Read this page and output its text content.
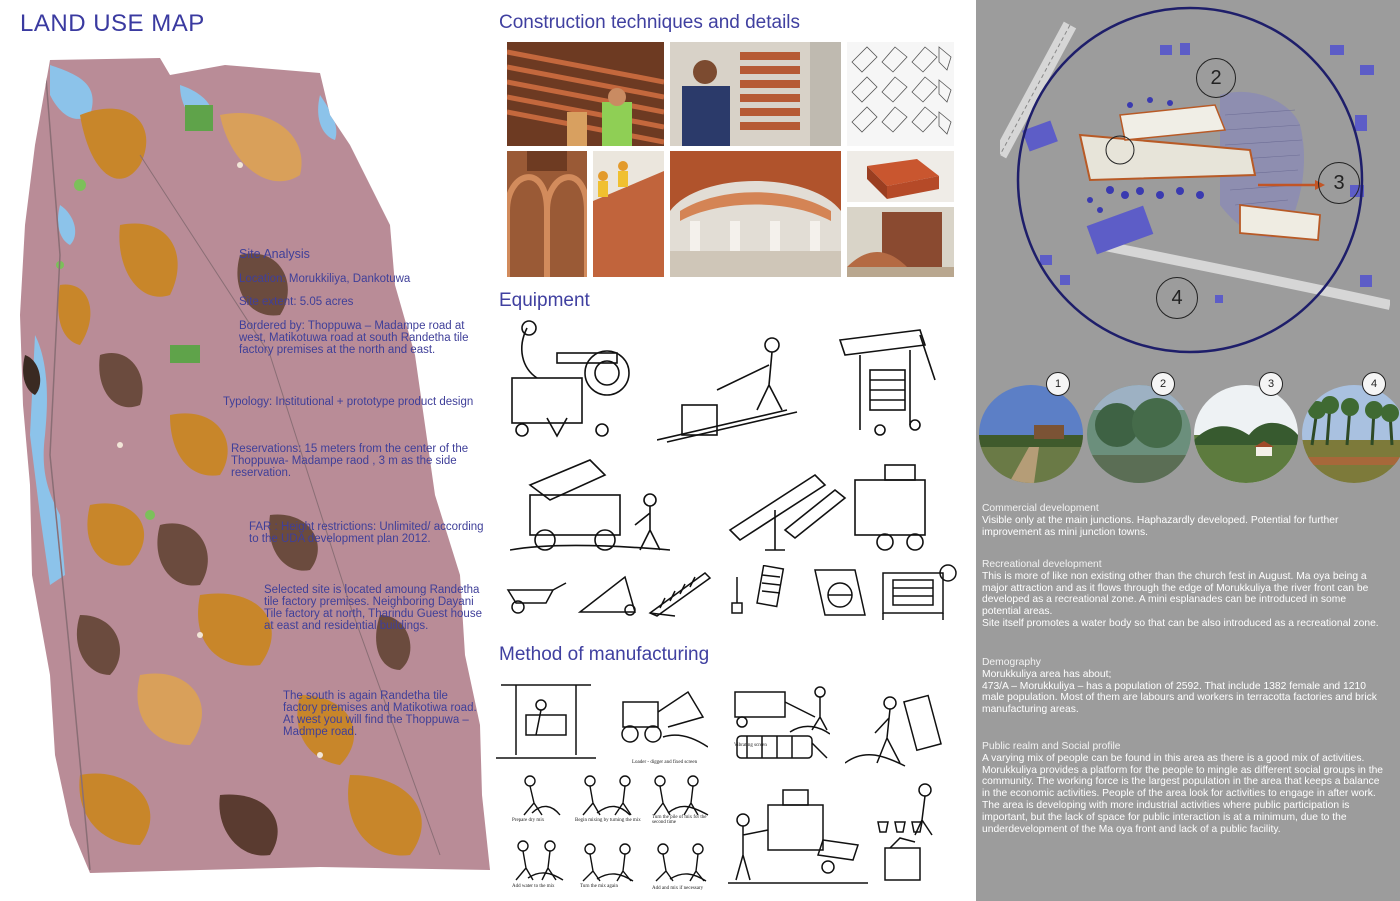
LAND USE MAP
Site Analysis
Location: Morukkiliya, Dankotuwa
Site extent: 5.05 acres
Bordered by: Thoppuwa – Madampe road at west, Matikotuwa road at south Randetha tile factory premises at the north and east.
Typology: Institutional + prototype product design
Reservations: 15 meters from the center of the Thoppuwa- Madampe raod , 3 m as the side reservation.
FAR : Height restrictions: Unlimited/ according to the UDA development plan 2012.
Selected site is located amoung Randetha tile factory premises. Neighboring Dayani Tile factory at north, Tharindu Guest house at east and residential buildings.
The south is again Randetha tile factory premises and Matikotiwa road. At west you will find the Thoppuwa – Madmpe road.
Construction techniques and details
Equipment
Method of manufacturing
Loader - digger and fixed screen
Vibrating screen
Prepare dry mix	Begin mixing by turning the mix
Turn the pile of mix for the second time
Add water to the mix	Turn the mix again	Add and mix if necessary
2
3
4
1	2	3	4

Commercial development

Visible only at the main junctions. Haphazardly developed. Potential for further improvement as mini junction towns.

Recreational development

This is more of like non existing other than the church fest in August. Ma oya being a major attraction and as it flows through the edge of Morukkuliya the river front can be developed as a recreational zone. A mini esplanades can be introduced in some potential areas.

Site itself promotes a water body so that can be also introduced as a recreational zone.

Demography

Morukkuliya area has about;

473/A – Morukkuliya – has a population of 2592. That include 1382 female and 1210 male population. Most of them are labours and workers in terracotta factories and brick manufacturing areas.

Public realm and Social profile

A varying mix of people can be found in this area as there is a good mix of activities. Morukkuliya provides a platform for the people to mingle as different social groups in the community. The working force is the largest population in the area that keeps a balance in the economic activities. People of the area look for activities to engage in after work. The area is developing with more industrial activities where public participation is important, but the lack of space for public interaction is at a minimum, due to the underdevelopment of the Ma oya front and lack of a public facility.
